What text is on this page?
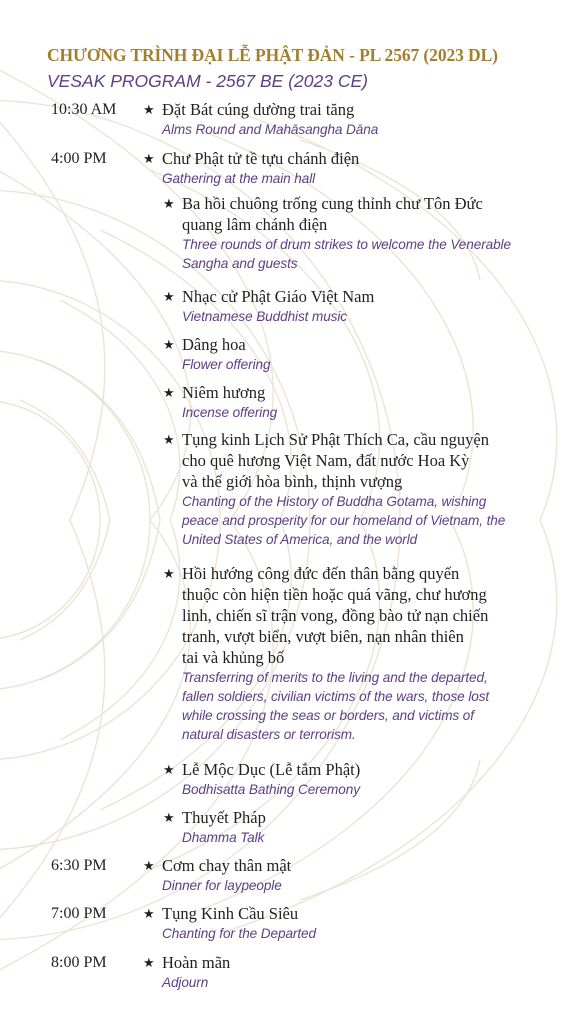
CHƯƠNG TRÌNH ĐẠI LỄ PHẬT ĐẢN - PL 2567 (2023 DL)
VESAK PROGRAM - 2567 BE (2023 CE)
10:30 AM ★ Đặt Bát cúng dường trai tăng
Alms Round and Mahāsangha Dāna
4:00 PM	★ Chư Phật tử tề tựu chánh điện
Gathering at the main hall
★ Ba hồi chuông trống cung thỉnh chư Tôn Đức
quang lâm chánh điện
Three rounds of drum strikes to welcome the Venerable
Sangha and guests
★ Nhạc cử Phật Giáo Việt Nam
Vietnamese Buddhist music
★ Dâng hoa
Flower offering
★ Niêm hương
Incense offering
★ Tụng kinh Lịch Sử Phật Thích Ca, cầu nguyện
cho quê hương Việt Nam, đất nước Hoa Kỳ
và thế giới hòa bình, thịnh vượng
Chanting of the History of Buddha Gotama, wishing
peace and prosperity for our homeland of Vietnam, the
United States of America, and the world
★ Hồi hướng công đức đến thân bằng quyến
thuộc còn hiện tiền hoặc quá vãng, chư hương
linh, chiến sĩ trận vong, đồng bào tử nạn chiến
tranh, vượt biển, vượt biên, nạn nhân thiên
tai và khủng bố
Transferring of merits to the living and the departed,
fallen soldiers, civilian victims of the wars, those lost
while crossing the seas or borders, and victims of
natural disasters or terrorism.
★ Lễ Mộc Dục (Lễ tắm Phật)
Bodhisatta Bathing Ceremony
★ Thuyết Pháp
Dhamma Talk
6:30 PM	★ Cơm chay thân mật
Dinner for laypeople
7:00 PM	★ Tụng Kinh Cầu Siêu
Chanting for the Departed
8:00 PM	★ Hoàn mãn
Adjourn
